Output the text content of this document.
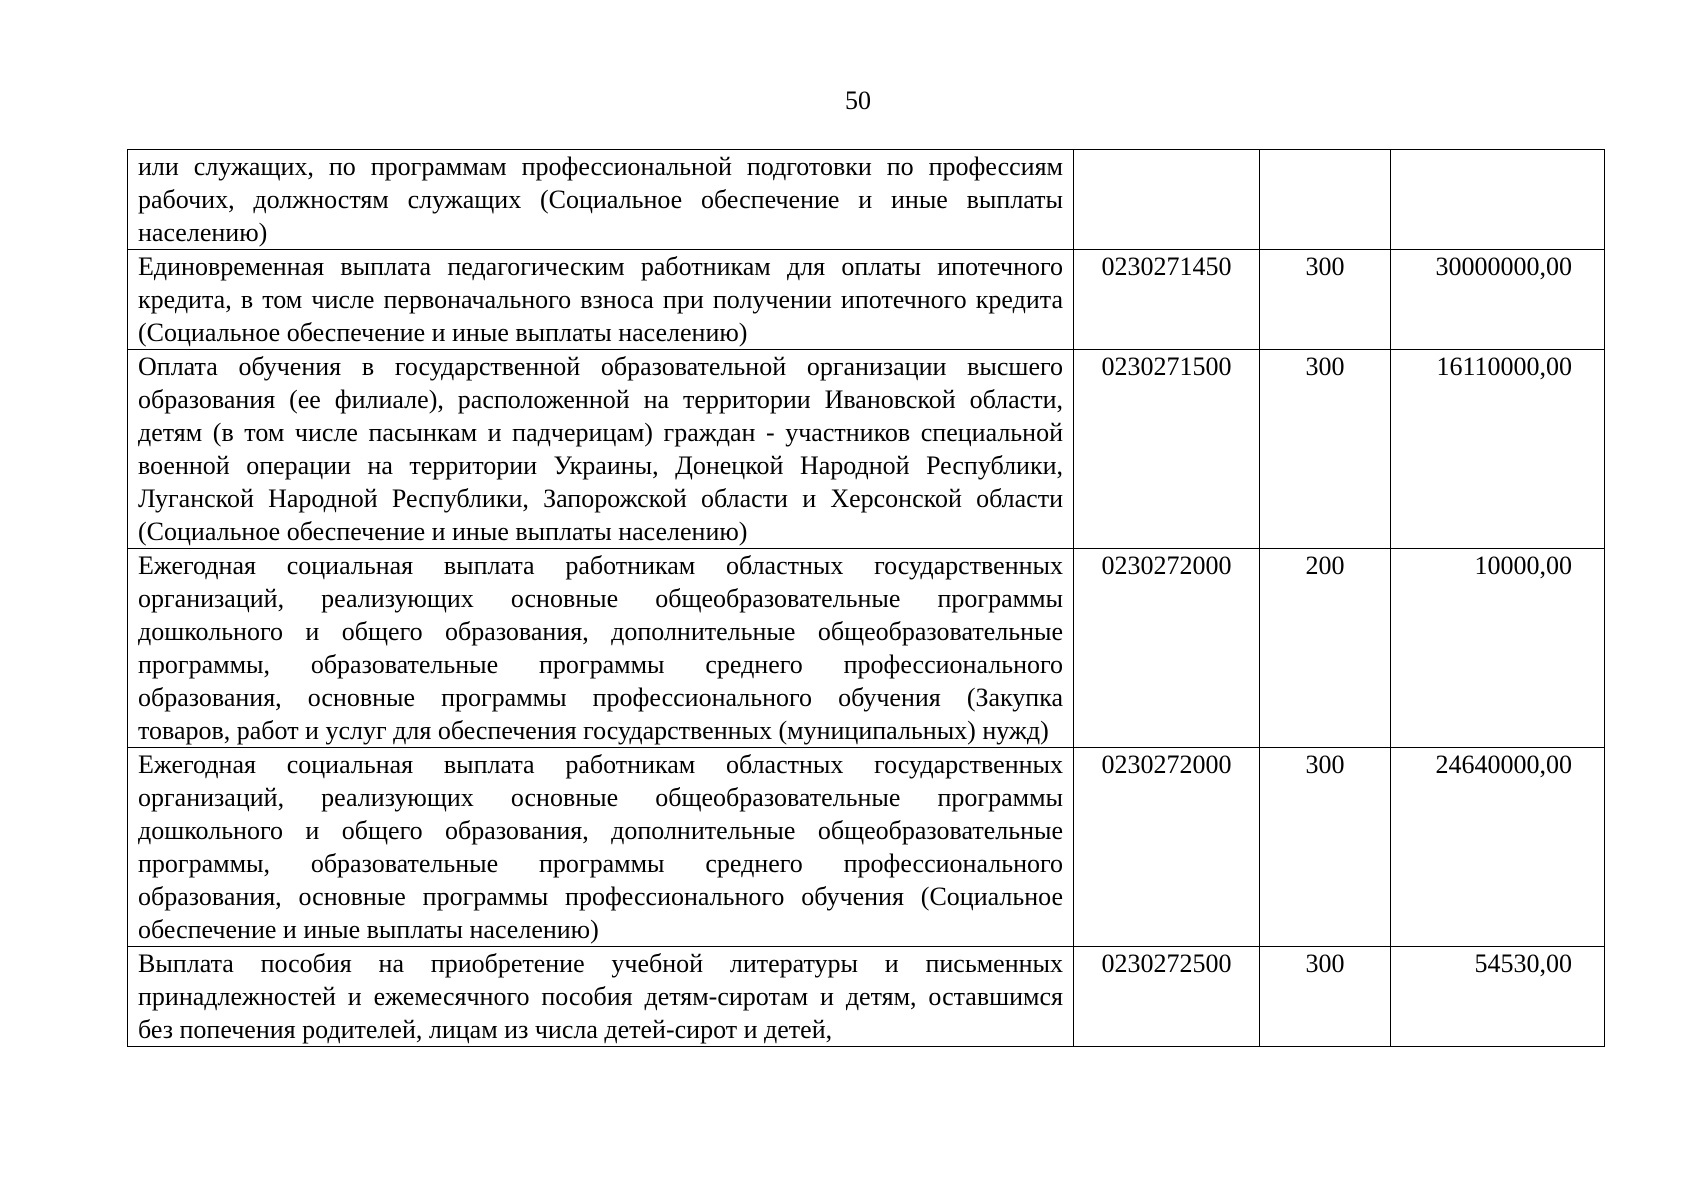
50
или служащих, по программам профессиональной подготовки по профессиям рабочих, должностям служащих (Социальное обеспечение и иные выплаты населению)			
Единовременная выплата педагогическим работникам для оплаты ипотечного кредита, в том числе первоначального взноса при получении ипотечного кредита (Социальное обеспечение и иные выплаты населению)	0230271450	300	30000000,00
Оплата обучения в государственной образовательной организации высшего образования (ее филиале), расположенной на территории Ивановской области, детям (в том числе пасынкам и падчерицам) граждан - участников специальной военной операции на территории Украины, Донецкой Народной Республики, Луганской Народной Республики, Запорожской области и Херсонской области (Социальное обеспечение и иные выплаты населению)	0230271500	300	16110000,00
Ежегодная социальная выплата работникам областных государственных организаций, реализующих основные общеобразовательные программы дошкольного и общего образования, дополнительные общеобразовательные программы, образовательные программы среднего профессионального образования, основные программы профессионального обучения (Закупка товаров, работ и услуг для обеспечения государственных (муниципальных) нужд)	0230272000	200	10000,00
Ежегодная социальная выплата работникам областных государственных организаций, реализующих основные общеобразовательные программы дошкольного и общего образования, дополнительные общеобразовательные программы, образовательные программы среднего профессионального образования, основные программы профессионального обучения (Социальное обеспечение и иные выплаты населению)	0230272000	300	24640000,00
Выплата пособия на приобретение учебной литературы и письменных принадлежностей и ежемесячного пособия детям-сиротам и детям, оставшимся без попечения родителей, лицам из числа детей-сирот и детей,	0230272500	300	54530,00
